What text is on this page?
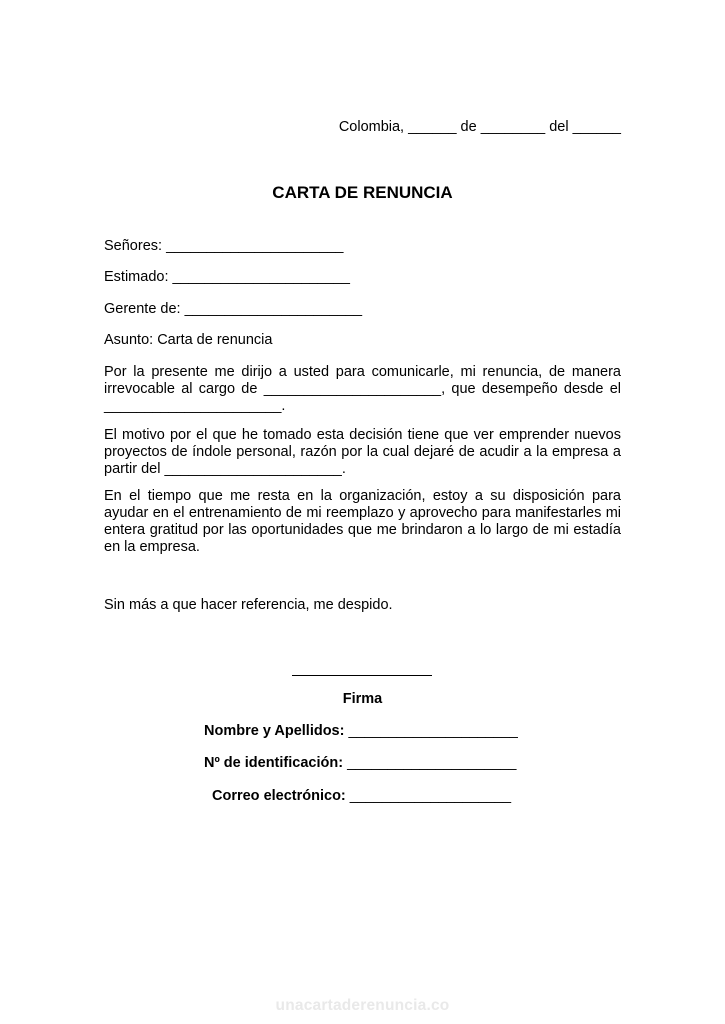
Colombia, ______ de ________ del ______
CARTA DE RENUNCIA
Señores: ______________________
Estimado: ______________________
Gerente de: ______________________
Asunto: Carta de renuncia
Por la presente me dirijo a usted para comunicarle, mi renuncia, de manera
irrevocable al cargo de ______________________, que desempeño desde el
______________________.
El motivo por el que he tomado esta decisión tiene que ver emprender nuevos
proyectos de índole personal, razón por la cual dejaré de acudir a la empresa a
partir del ______________________.
En el tiempo que me resta en la organización, estoy a su disposición para
ayudar en el entrenamiento de mi reemplazo y aprovecho para manifestarles mi
entera gratitud por las oportunidades que me brindaron a lo largo de mi estadía
en la empresa.
Sin más a que hacer referencia, me despido.
Firma
Nombre y Apellidos: _____________________
Nº de identificación: _____________________
Correo electrónico: ____________________
unacartaderenuncia.co
